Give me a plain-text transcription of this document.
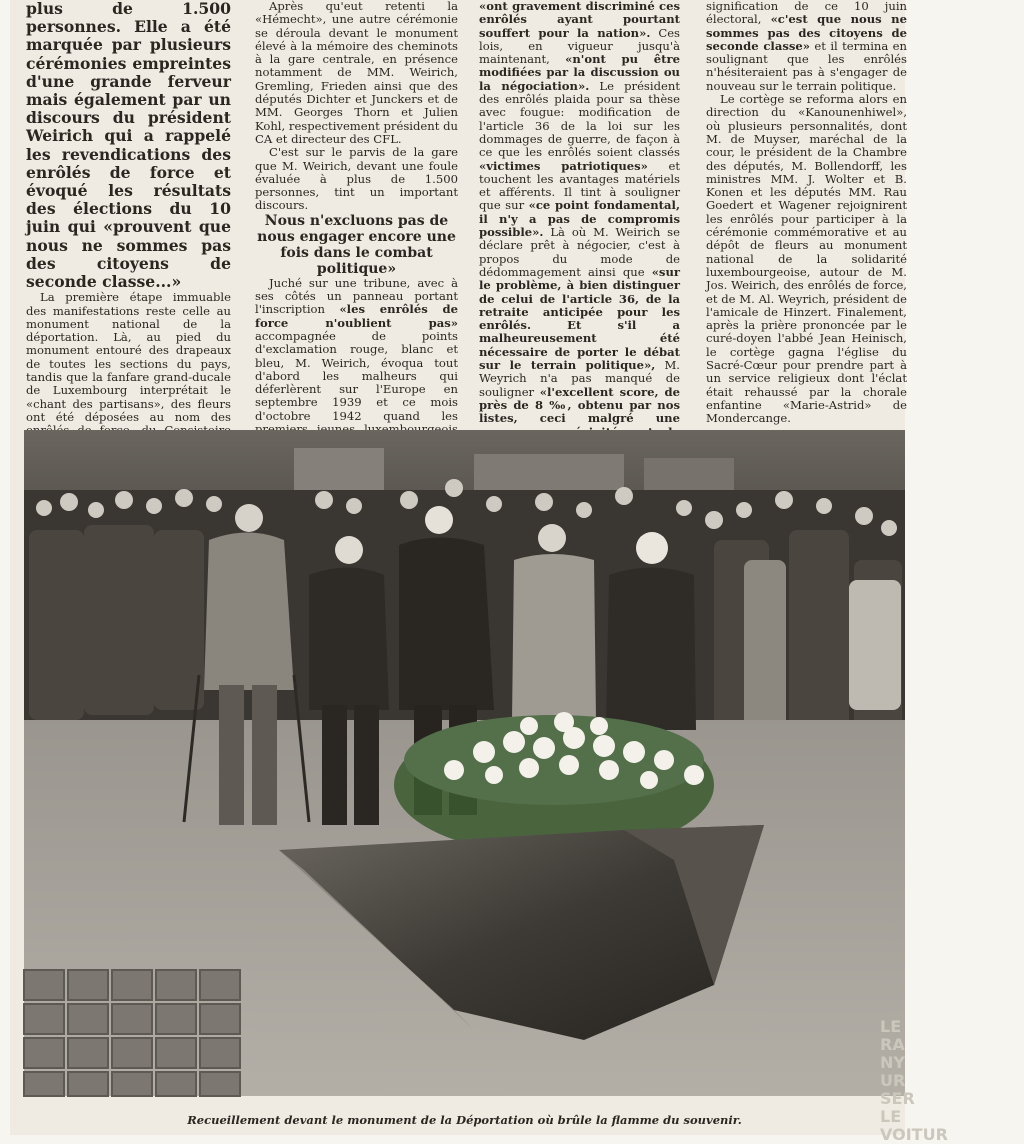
plus de 1.500 personnes. Elle a été marquée par plusieurs cérémonies empreintes d'une grande ferveur mais également par un discours du président Weirich qui a rappelé les revendications des enrôlés de force et évoqué les résultats des élections du 10 juin qui «prouvent que nous ne sommes pas des citoyens de seconde classe...»

La première étape immuable des manifestations reste celle au monument national de la déportation. Là, au pied du monument entouré des drapeaux de toutes les sections du pays, tandis que la fanfare grand-ducale de Luxembourg interprétait le «chant des partisans», des fleurs ont été déposées au nom des

Après qu'eut retenti la «Hémecht», une autre cérémonie se déroula devant le monument élevé à la mémoire des cheminots à la gare centrale, en présence notamment de MM. Weirich, Gremling, Frieden ainsi que des députés Dichter et Junckers et de MM. Georges Thorn et Julien Kohl, respectivement président du CA et directeur des CFL.

C'est sur le parvis de la gare que M. Weirich, devant une foule évaluée à plus de 1.500 personnes, tint un important discours.

Nous n'excluons pas de nous engager encore une fois dans le combat politique»

Juché sur une tribune, avec à ses côtés un panneau portant l'inscription «les enrôlés de force n'oublient pas» accompagnée de points d'exclamation rouge, blanc et bleu, M. Weirich, évoqua tout d'abord les malheurs qui déferlèrent sur l'Europe en septembre 1939 et ce mois d'octobre 1942 quand les

«ont gravement discriminé ces enrôlés ayant pourtant souffert pour la nation». Ces lois, en vigueur jusqu'à maintenant, «n'ont pu être modifiées par la discussion ou la négociation». Le président des enrôlés plaida pour sa thèse avec fougue: modification de l'article 36 de la loi sur les dommages de guerre, de façon à ce que les enrôlés soient classés «victimes patriotiques» et touchent les avantages matériels et afférents. Il tint à souligner que sur «ce point fondamental, il n'y a pas de compromis possible». Là où M. Weirich se déclare prêt à négocier, c'est à propos du mode de dédommagement ainsi que «sur le problème, à bien distinguer de celui de l'article 36, de la retraite anticipée pour les enrôlés. Et s'il a malheureusement été nécessaire de porter le débat sur le terrain politique», M. Weyrich n'a pas manqué de souligner «l'excellent score, de près de 8 ‰, obtenu par nos listes, ceci malgré une

signification de ce 10 juin électoral, «c'est que nous ne sommes pas des citoyens de seconde classe» et il termina en soulignant que les enrôlés n'hésiteraient pas à s'engager de nouveau sur le terrain politique.

Le cortège se reforma alors en direction du «Kanounenhiwel», où plusieurs personnalités, dont M. de Muyser, maréchal de la cour, le président de la Chambre des députés, M. Bollendorff, les ministres MM. J. Wolter et B. Konen et les députés MM. Rau Goedert et Wagener rejoignirent les enrôlés pour participer à la cérémonie commémorative et au dépôt de fleurs au monument national de la solidarité luxembourgeoise, autour de M. Jos. Weirich, des enrôlés de force, et de M. Al. Weyrich, président de l'amicale de Hinzert. Finalement, après la prière prononcée par le curé-doyen l'abbé Jean Heinisch, le cortège gagna l'église du Sacré-Cœur pour prendre part à un service religieux dont l'éclat était rehaussé par la chorale enfantine «Marie-Astrid» de Mondercange.

Recueillement devant le monument de la Déportation où brûle la flamme du souvenir.
LE RA NY UR SER LE VOITUR
